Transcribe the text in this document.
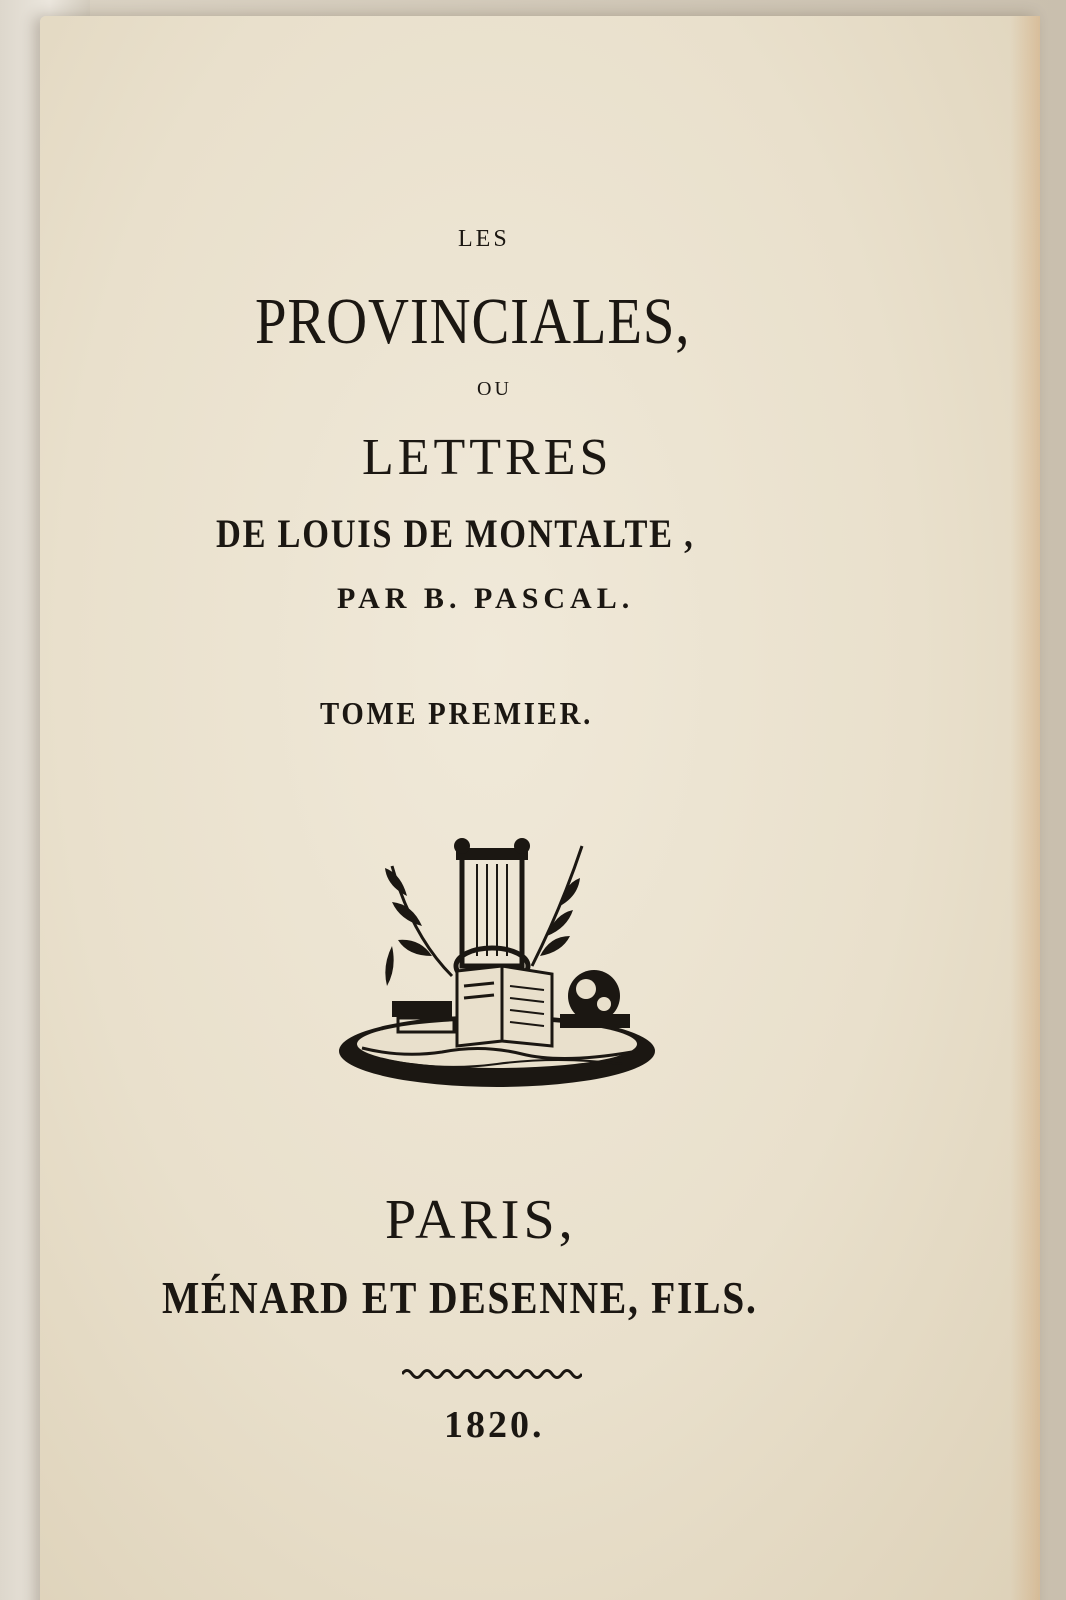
LES
PROVINCIALES,
OU
LETTRES
DE LOUIS DE MONTALTE ,
PAR B. PASCAL.
TOME PREMIER.
PARIS,
MÉNARD ET DESENNE, FILS.
1820.
